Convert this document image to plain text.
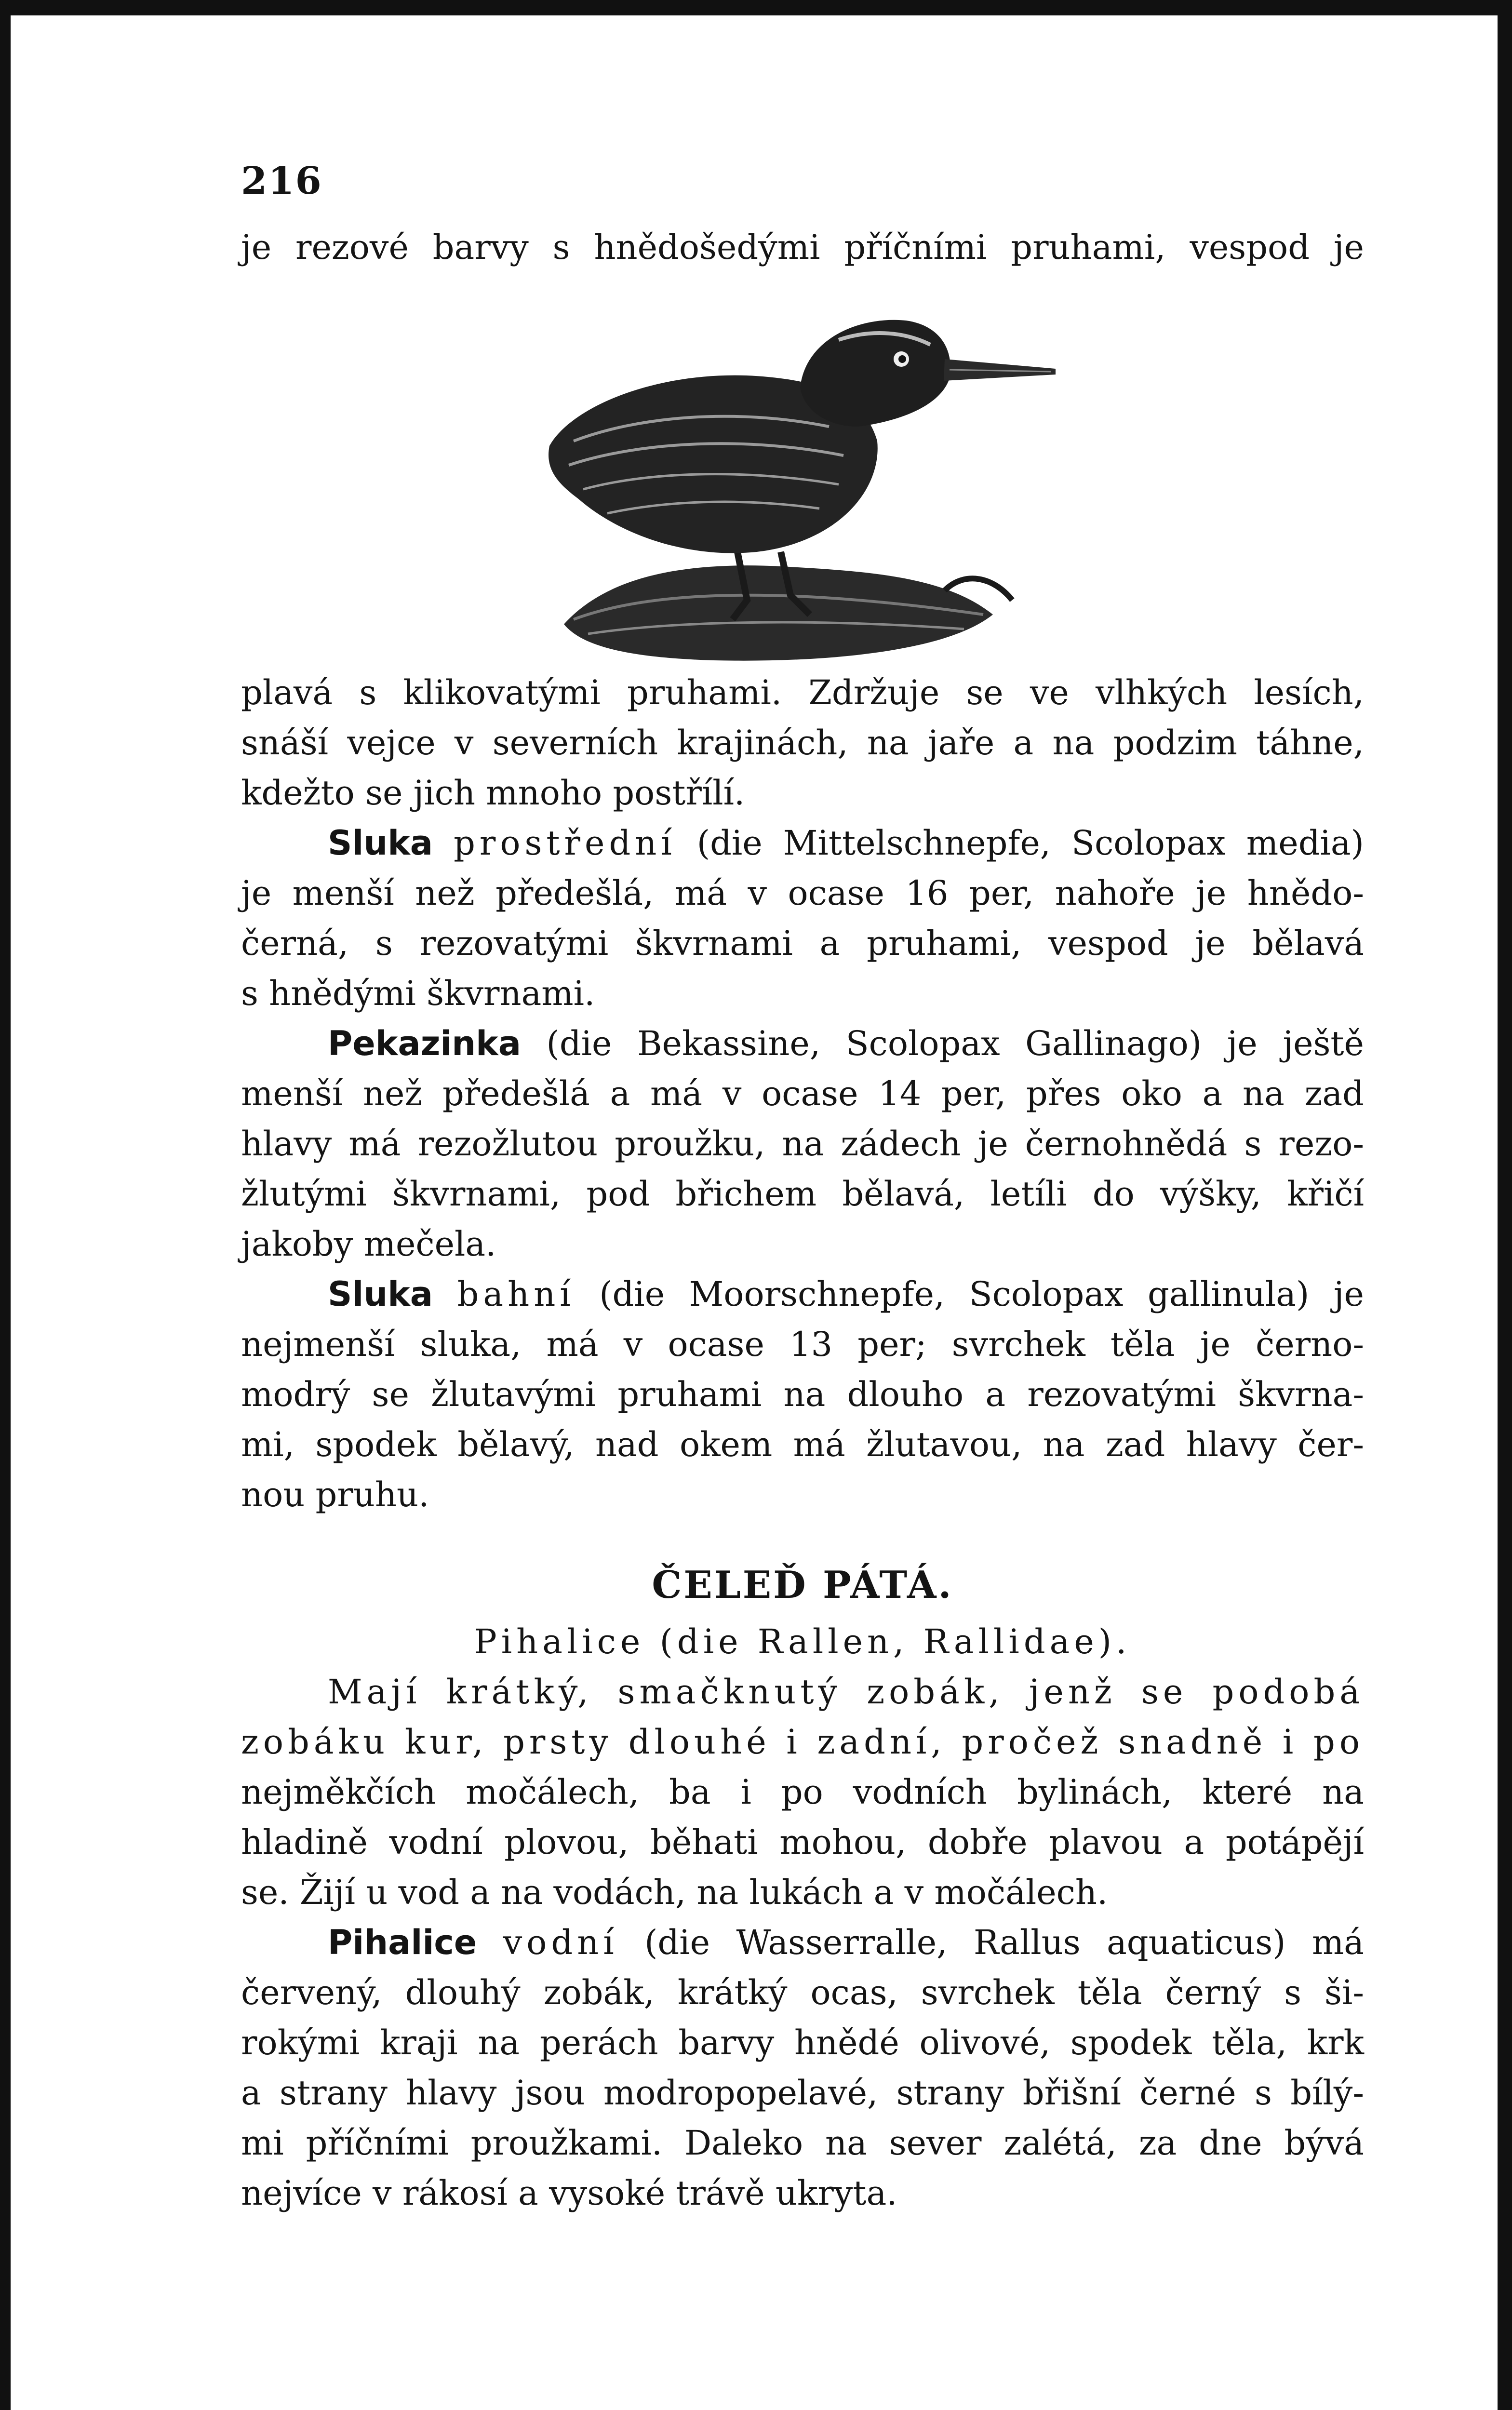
216
je rezové barvy s hnědošedými příčními pruhami, vespod je
plavá s klikovatými pruhami. Zdržuje se ve vlhkých lesích,
snáší vejce v severních krajinách, na jaře a na podzim táhne,
kdežto se jich mnoho postřílí.
Sluka prostřední (die Mittelschnepfe, Scolopax media)
je menší než předešlá, má v ocase 16 per, nahoře je hnědo-
černá, s rezovatými škvrnami a pruhami, vespod je bělavá
s hnědými škvrnami.
Pekazinka (die Bekassine, Scolopax Gallinago) je ještě
menší než předešlá a má v ocase 14 per, přes oko a na zad
hlavy má rezožlutou proužku, na zádech je černohnědá s rezo-
žlutými škvrnami, pod břichem bělavá, letíli do výšky, křičí
jakoby mečela.
Sluka bahní (die Moorschnepfe, Scolopax gallinula) je
nejmenší sluka, má v ocase 13 per; svrchek těla je černo-
modrý se žlutavými pruhami na dlouho a rezovatými škvrna-
mi, spodek bělavý, nad okem má žlutavou, na zad hlavy čer-
nou pruhu.
ČELEĎ PÁTÁ.
Pihalice (die Rallen, Rallidae).
Mají krátký, smačknutý zobák, jenž se podobá
zobáku kur, prsty dlouhé i zadní, pročež snadně i po
nejměkčích močálech, ba i po vodních bylinách, které na
hladině vodní plovou, běhati mohou, dobře plavou a potápějí
se. Žijí u vod a na vodách, na lukách a v močálech.
Pihalice vodní (die Wasserralle, Rallus aquaticus) má
červený, dlouhý zobák, krátký ocas, svrchek těla černý s ši-
rokými kraji na perách barvy hnědé olivové, spodek těla, krk
a strany hlavy jsou modropopelavé, strany břišní černé s bílý-
mi příčními proužkami. Daleko na sever zalétá, za dne bývá
nejvíce v rákosí a vysoké trávě ukryta.
